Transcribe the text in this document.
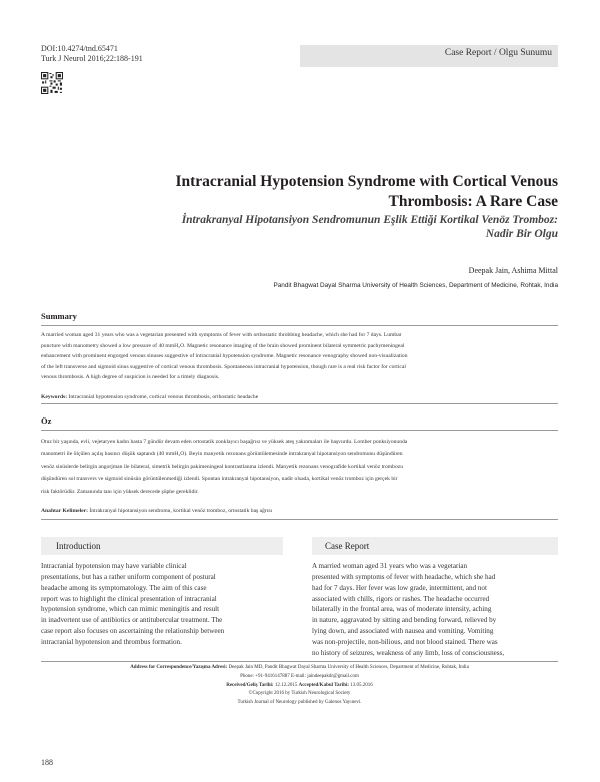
DOI:10.4274/tnd.65471
Turk J Neurol 2016;22:188-191
Case Report / Olgu Sunumu
Intracranial Hypotension Syndrome with Cortical Venous
Thrombosis: A Rare Case
İntrakranyal Hipotansiyon Sendromunun Eşlik Ettiği Kortikal Venöz Tromboz:
Nadir Bir Olgu
Deepak Jain, Ashima Mittal
Pandit Bhagwat Dayal Sharma University of Health Sciences, Department of Medicine, Rohtak, India
Summary
A married woman aged 31 years who was a vegetarian presented with symptoms of fever with orthostatic throbbing headache, which she had for 7 days. Lumbar
puncture with manometry showed a low pressure of 40 mmH₂O. Magnetic resonance imaging of the brain showed prominent bilateral symmetric pachymeningeal
enhancement with prominent engorged venous sinuses suggestive of intracranial hypotension syndrome. Magnetic resonance venography showed non-visualization
of the left transverse and sigmoid sinus suggestive of cortical venous thrombosis. Spontaneous intracranial hypotension, though rare is a real risk factor for cortical
venous thrombosis. A high degree of suspicion is needed for a timely diagnosis.
Keywords: Intracranial hypotension syndrome, cortical venous thrombosis, orthostatic headache
Öz
Otuz bir yaşında, evli, vejetaryen kadın hasta 7 gündür devam eden ortostatik zonklayıcı başağrısı ve yüksek ateş yakınmaları ile başvurdu. Lomber ponksiyonunda
manometri ile ölçülen açılış basıncı düşük saptandı (40 mmH₂O). Beyin manyetik rezonans görüntülemesinde intrakranyal hipotansiyon sendromunu düşündüren
venöz sinüslerde belirgin angorjman ile bilateral, simetrik belirgin pakimeningeal kontrastlanma izlendi. Manyetik rezonans venografide kortikal venöz trombozu
düşündüren sol transvers ve sigmoid sinüsün görüntülenmediği izlendi. Spontan intrakranyal hipotansiyon, nadir olsada, kortikal venöz tromboz için gerçek bir
risk faktörüdür. Zamanında tanı için yüksek derecede şüphe gereklidir.
Anahtar Kelimeler: İntrakranyal hipotansiyon sendromu, kortikal venöz tromboz, ortostatik baş ağrısı
Introduction
Intracranial hypotension may have variable clinical
presentations, but has a rather uniform component of postural
headache among its symptomatology. The aim of this case
report was to highlight the clinical presentation of intracranial
hypotension syndrome, which can mimic meningitis and result
in inadvertent use of antibiotics or antitubercular treatment. The
case report also focuses on ascertaining the relationship between
intracranial hypotension and thrombus formation.
Case Report
A married woman aged 31 years who was a vegetarian
presented with symptoms of fever with headache, which she had
had for 7 days. Her fever was low grade, intermittent, and not
associated with chills, rigors or rashes. The headache occurred
bilaterally in the frontal area, was of moderate intensity, aching
in nature, aggravated by sitting and bending forward, relieved by
lying down, and associated with nausea and vomiting. Vomiting
was non-projectile, non-bilious, and not blood stained. There was
no history of seizures, weakness of any limb, loss of consciousness,
Address for Correspondence/Yazışma Adresi: Deepak Jain MD, Pandit Bhagwat Dayal Sharma University of Health Sciences, Department of Medicine, Rohtak, India
Phone: +91-9416147887 E-mail: jaindeepakdr@gmail.com
Received/Geliş Tarihi: 12.12.2015 Accepted/Kabul Tarihi: 13.05.2016
©Copyright 2016 by Turkish Neurological Society
Turkish Journal of Neurology published by Galenos Yayınevi.
188
